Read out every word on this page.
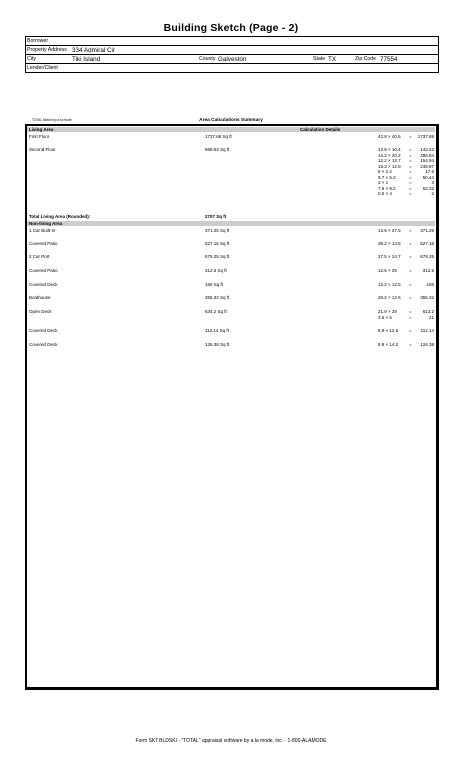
Building Sketch (Page - 2)
Borrower
Property Address 334 Admiral Cir
City	Tiki Island	County Galveston	State TX	Zip Code 77554
Lender/Client
TOTAL Sketch by a la mode	Area Calculations Summary
Living Area	Calculation Details
First Floor	1737.68 Sq ft	42.8 × 40.6 = 1737.68
Second Floor	969.63 Sq ft	13.8 × 10.4 = 143.52
14.2 × 20.2 = 286.84
12.2 × 12.7 = 154.94
19.3 × 12.9 = 248.97
8 × 2.2	=	17.6
9.7 × 5.2	= 50.44
3 × 1	=	3
7.6 × 8.2	= 62.32
0.5 × 4	=	2
Total Living Area (Rounded):	2707 Sq ft
Non-living Area
1 Car Built-In	371.25 Sq ft	13.5 × 27.5 = 371.25
Covered Patio	527.16 Sq ft	38.2 × 13.8 = 527.16
2 Car Port	679.25 Sq ft	27.5 × 24.7 = 679.25
Covered Patio	312.5 Sq ft	12.5 × 25	= 312.5
Covered Deck	165 Sq ft	13.2 × 12.5 =	165
Boathouse	355.32 Sq ft	28.2 × 12.6 = 355.32
Open Deck	634.2 Sq ft	21.9 × 28	= 613.2
3.5 × 6	=	21
Covered Deck	112.14 Sq ft	8.9 × 12.6 = 112.14
Covered Deck	126.38 Sq ft	8.9 × 14.2 = 126.38
Form SKT.BLDSKI - "TOTAL" appraisal software by a la mode, inc. - 1-800-ALAMODE
